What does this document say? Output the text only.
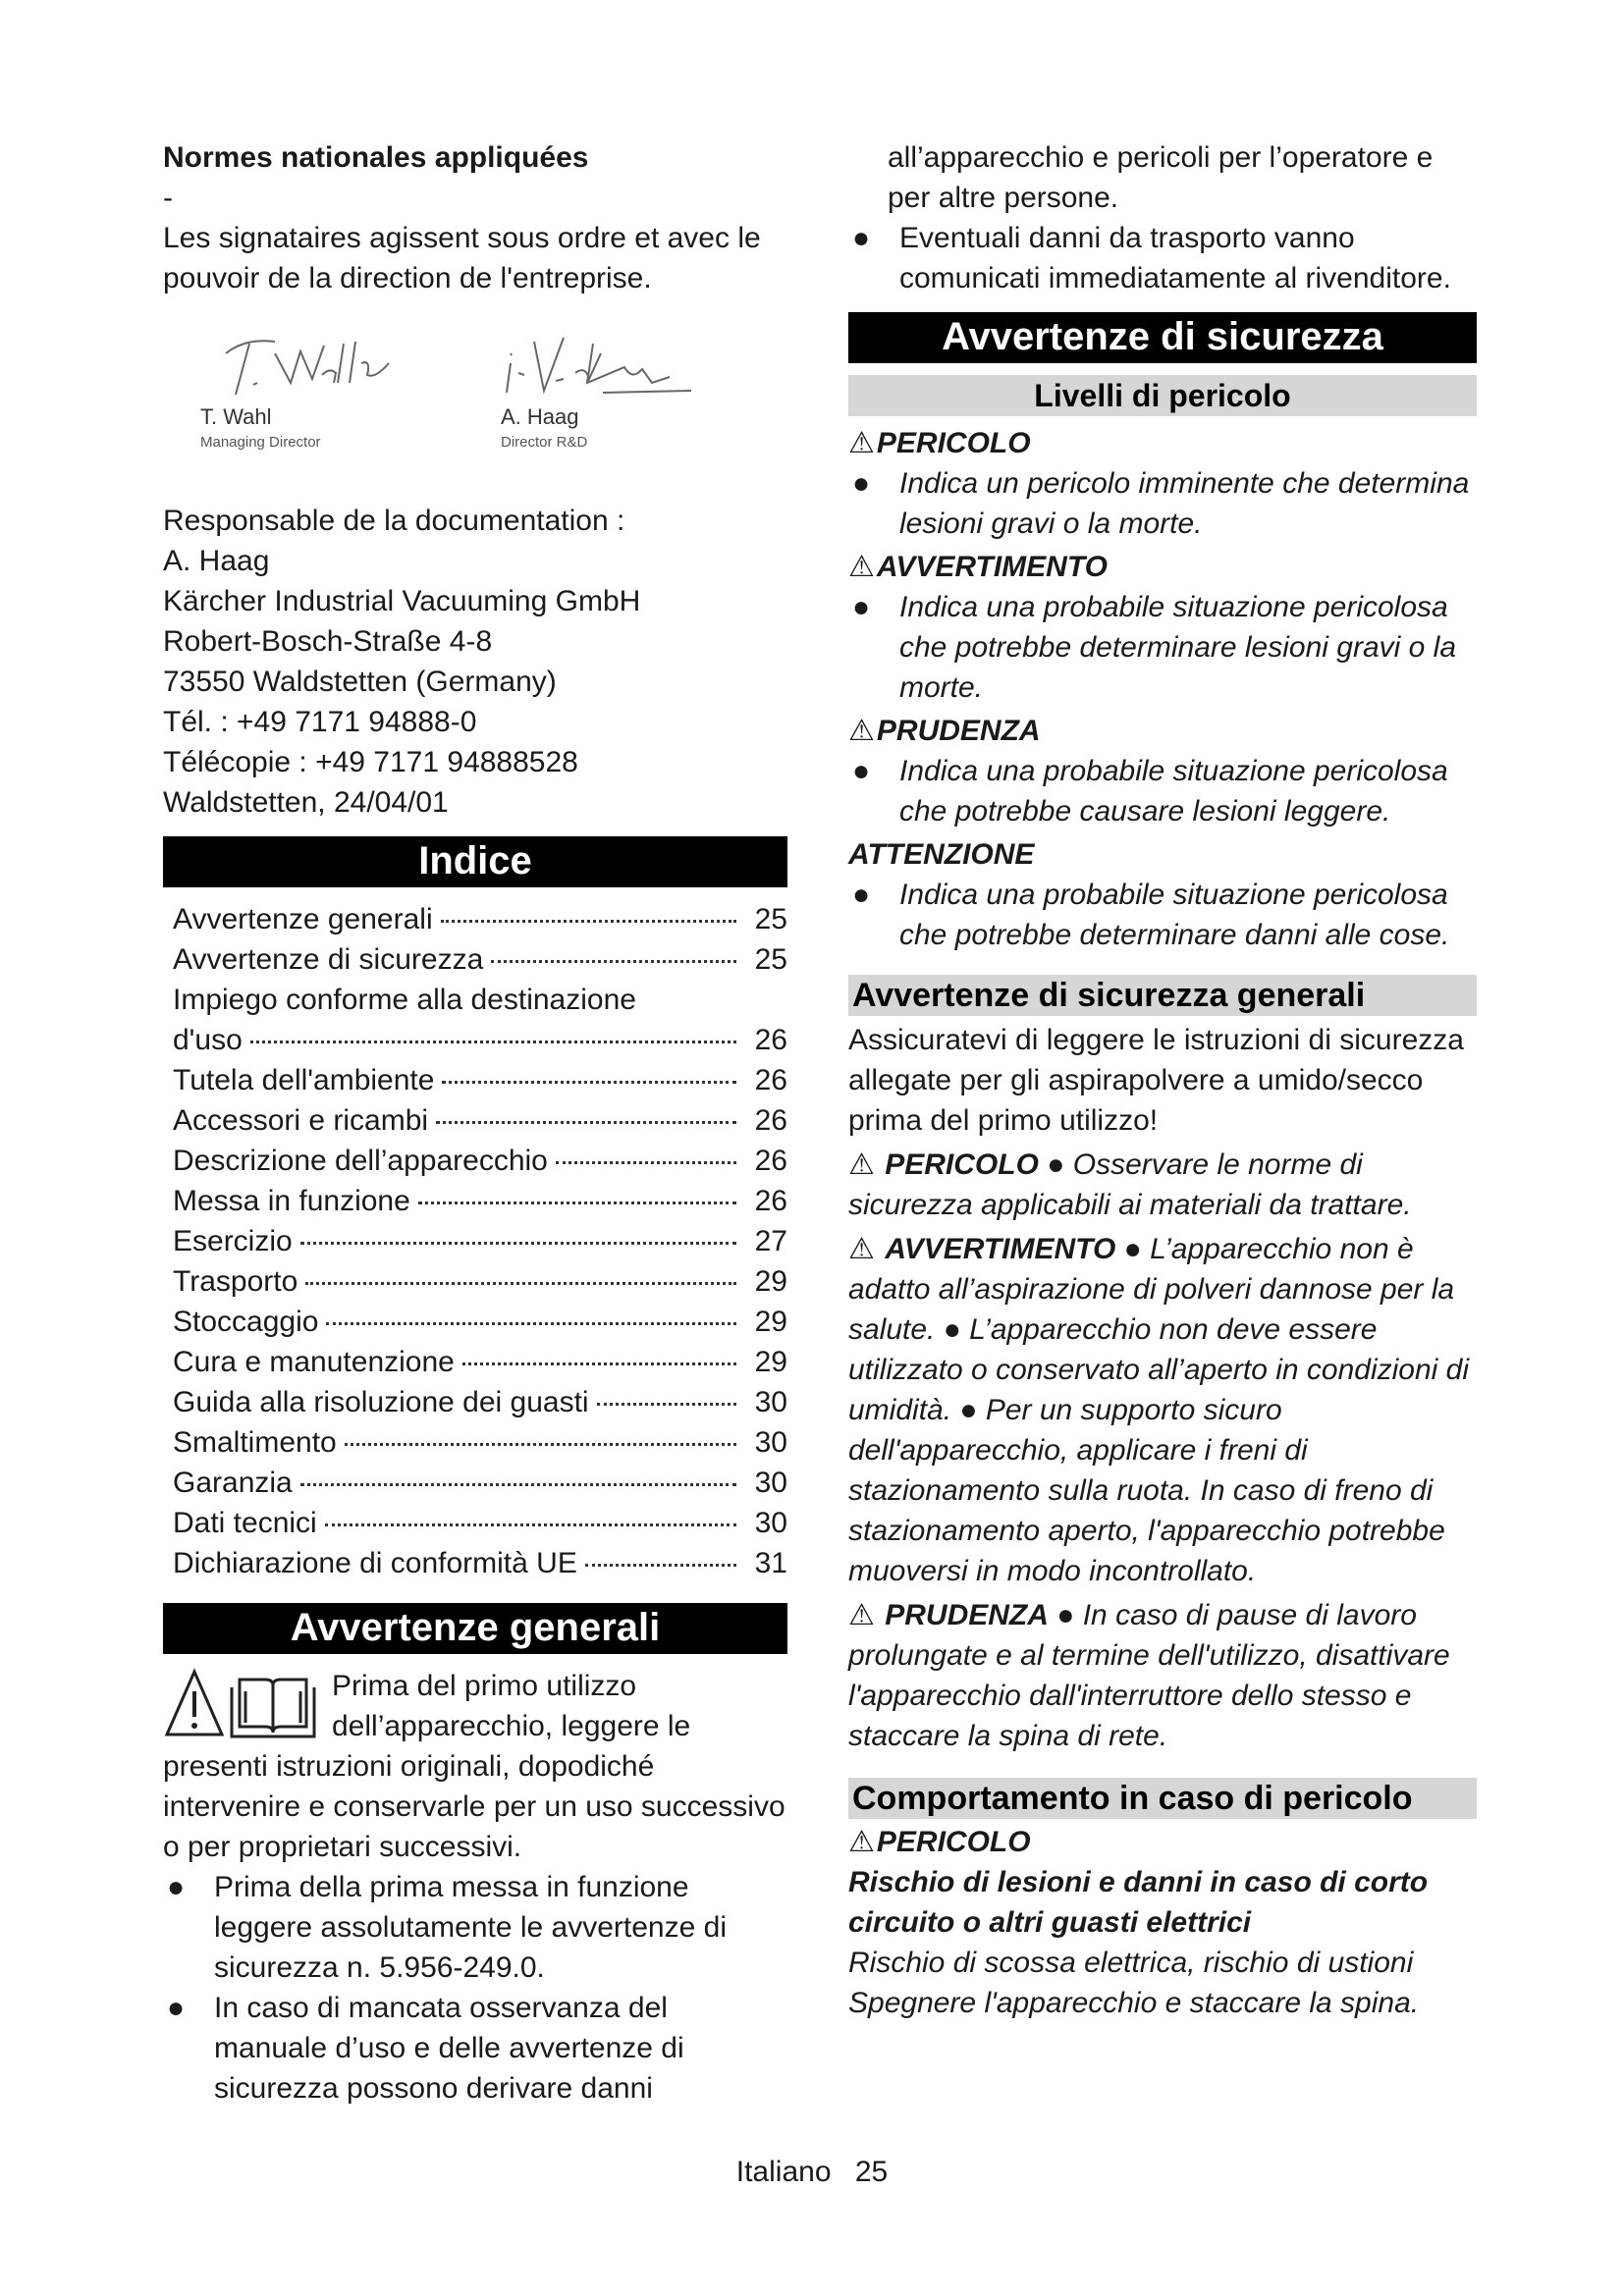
Normes nationales appliquées

-

Les signataires agissent sous ordre et avec le pouvoir de la direction de l'entreprise.

T. Wahl
Managing Director
A. Haag
Director R&D

Responsable de la documentation :

A. Haag

Kärcher Industrial Vacuuming GmbH

Robert-Bosch-Straße 4-8

73550 Waldstetten (Germany)

Tél. : +49 7171 94888-0

Télécopie : +49 7171 94888528

Waldstetten, 24/04/01

Indice
Avvertenze generali	25
Avvertenze di sicurezza	25
Impiego conforme alla destinazione
d'uso	26
Tutela dell'ambiente	26
Accessori e ricambi	26
Descrizione dell’apparecchio	26
Messa in funzione	26
Esercizio	27
Trasporto	29
Stoccaggio	29
Cura e manutenzione	29
Guida alla risoluzione dei guasti	30
Smaltimento	30
Garanzia	30
Dati tecnici	30
Dichiarazione di conformità UE	31
Avvertenze generali
Prima del primo utilizzo dell’apparecchio, leggere le presenti istruzioni originali, dopodiché intervenire e conservarle per un uso successivo o per proprietari successivi.
● Prima della prima messa in funzione leggere assolutamente le avvertenze di sicurezza n. 5.956-249.0.
● In caso di mancata osservanza del manuale d’uso e delle avvertenze di sicurezza possono derivare danni

all’apparecchio e pericoli per l’operatore e per altre persone.

● Eventuali danni da trasporto vanno comunicati immediatamente al rivenditore.
Avvertenze di sicurezza
Livelli di pericolo
⚠PERICOLO
● Indica un pericolo imminente che determina lesioni gravi o la morte.
⚠AVVERTIMENTO
● Indica una probabile situazione pericolosa che potrebbe determinare lesioni gravi o la morte.
⚠PRUDENZA
● Indica una probabile situazione pericolosa che potrebbe causare lesioni leggere.
ATTENZIONE
● Indica una probabile situazione pericolosa che potrebbe determinare danni alle cose.
Avvertenze di sicurezza generali

Assicuratevi di leggere le istruzioni di sicurezza allegate per gli aspirapolvere a umido/secco prima del primo utilizzo!

⚠ PERICOLO ● Osservare le norme di sicurezza applicabili ai materiali da trattare.

⚠ AVVERTIMENTO ● L’apparecchio non è adatto all’aspirazione di polveri dannose per la salute. ● L’apparecchio non deve essere utilizzato o conservato all’aperto in condizioni di umidità. ● Per un supporto sicuro dell'apparecchio, applicare i freni di stazionamento sulla ruota. In caso di freno di stazionamento aperto, l'apparecchio potrebbe muoversi in modo incontrollato.

⚠ PRUDENZA ● In caso di pause di lavoro prolungate e al termine dell'utilizzo, disattivare l'apparecchio dall'interruttore dello stesso e staccare la spina di rete.

Comportamento in caso di pericolo
⚠PERICOLO

Rischio di lesioni e danni in caso di corto circuito o altri guasti elettrici

Rischio di scossa elettrica, rischio di ustioni

Spegnere l'apparecchio e staccare la spina.

Italiano 25
